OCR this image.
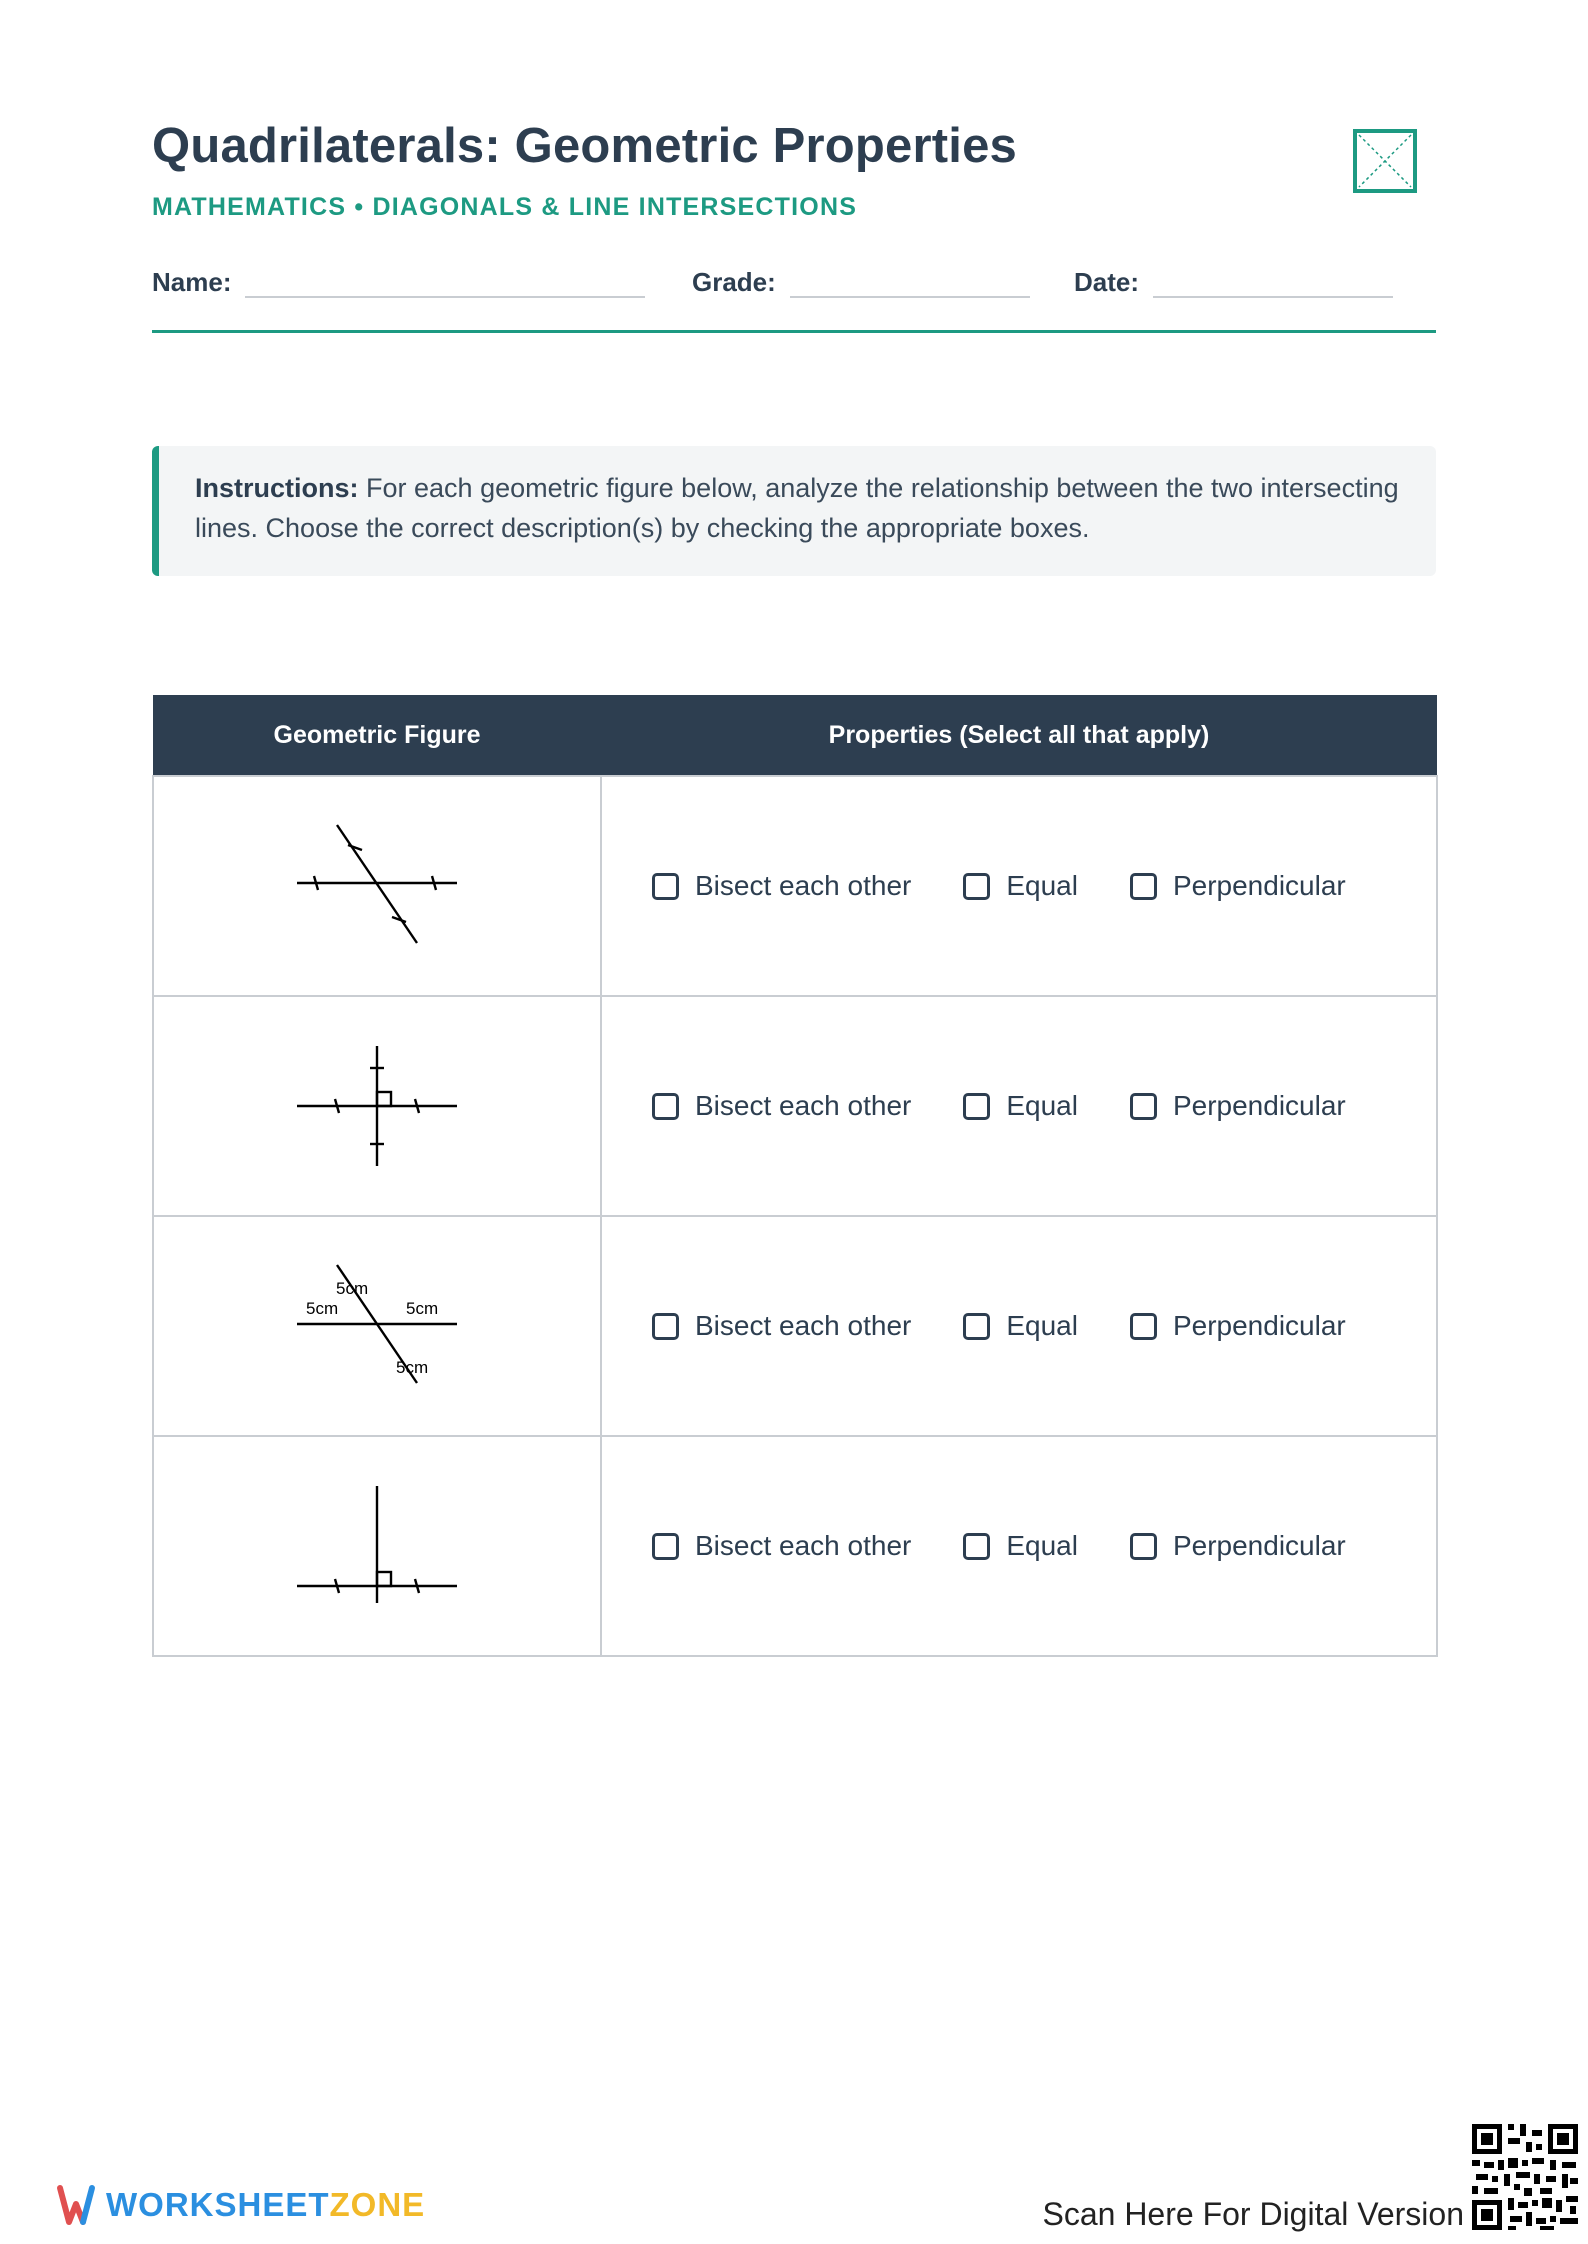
Quadrilaterals: Geometric Properties
MATHEMATICS • DIAGONALS & LINE INTERSECTIONS
Name:	Grade:	Date:
Instructions: For each geometric figure below, analyze the relationship between the two intersecting lines. Choose the correct description(s) by checking the appropriate boxes.
Geometric Figure	Properties (Select all that apply)

Bisect each other Equal Perpendicular

Bisect each other Equal Perpendicular

5cm
5cm 5cm
5cm	Bisect each other Equal Perpendicular

Bisect each other Equal Perpendicular
WORKSHEETZONE	Scan Here For Digital Version
